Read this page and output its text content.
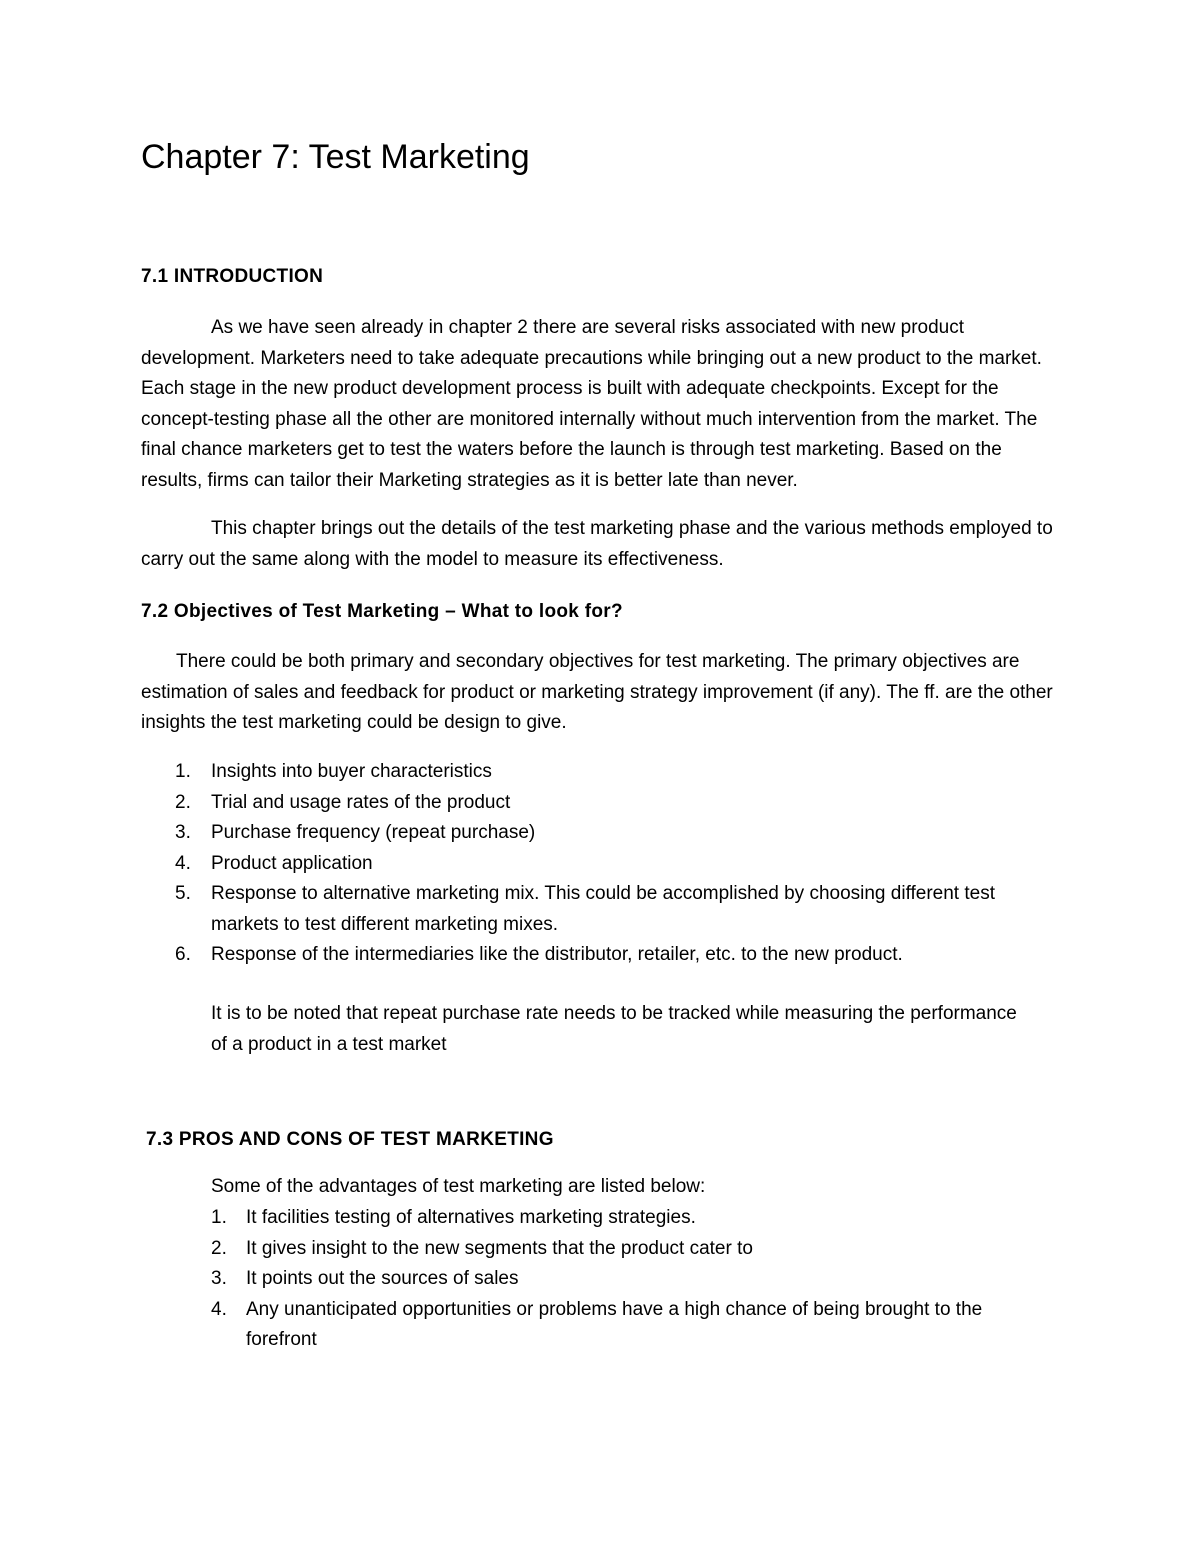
Chapter 7: Test Marketing
7.1 INTRODUCTION

As we have seen already in chapter 2 there are several risks associated with new product development. Marketers need to take adequate precautions while bringing out a new product to the market. Each stage in the new product development process is built with adequate checkpoints. Except for the concept-testing phase all the other are monitored internally without much intervention from the market. The final chance marketers get to test the waters before the launch is through test marketing. Based on the results, firms can tailor their Marketing strategies as it is better late than never.

This chapter brings out the details of the test marketing phase and the various methods employed to carry out the same along with the model to measure its effectiveness.

7.2 Objectives of Test Marketing – What to look for?

There could be both primary and secondary objectives for test marketing. The primary objectives are estimation of sales and feedback for product or marketing strategy improvement (if any). The ff. are the other insights the test marketing could be design to give.

1. Insights into buyer characteristics
2. Trial and usage rates of the product
3. Purchase frequency (repeat purchase)
4. Product application
5. Response to alternative marketing mix. This could be accomplished by choosing different test markets to test different marketing mixes.
6. Response of the intermediaries like the distributor, retailer, etc. to the new product.

It is to be noted that repeat purchase rate needs to be tracked while measuring the performance of a product in a test market

7.3 PROS AND CONS OF TEST MARKETING

Some of the advantages of test marketing are listed below:

1. It facilities testing of alternatives marketing strategies.
2. It gives insight to the new segments that the product cater to
3. It points out the sources of sales
4. Any unanticipated opportunities or problems have a high chance of being brought to the forefront
